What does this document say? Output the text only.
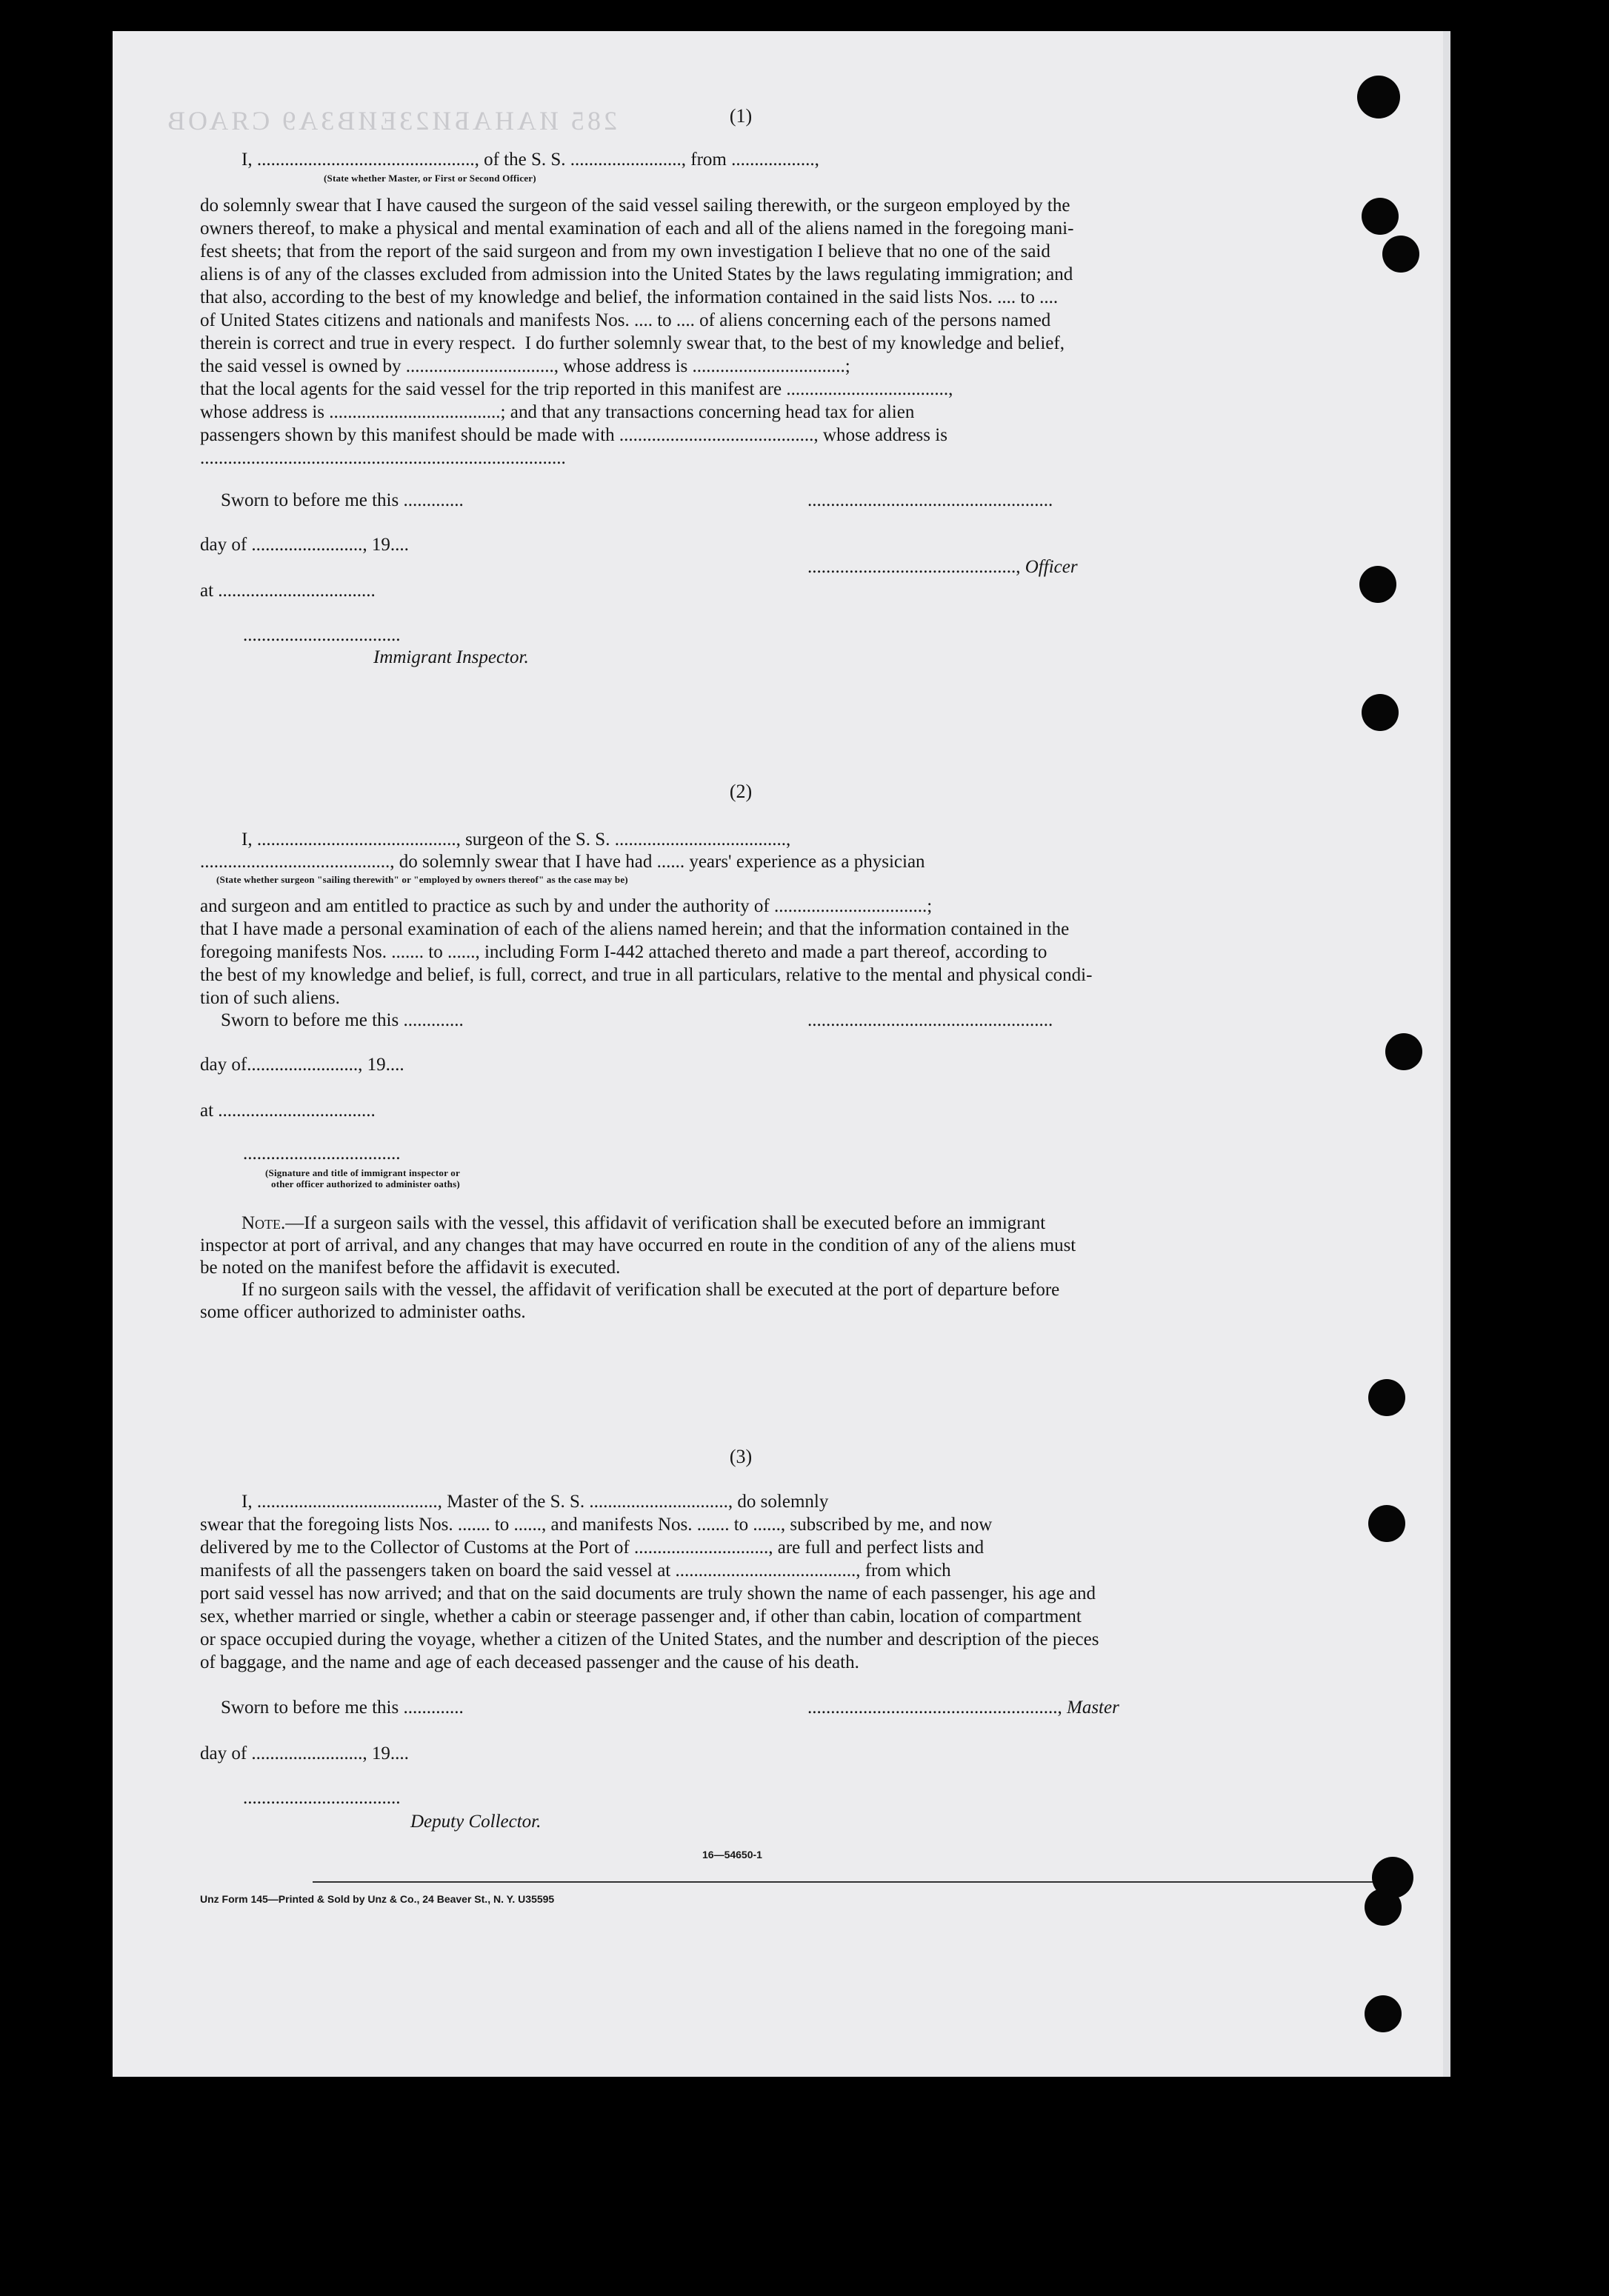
285 ИАНАБИ2ЗЕИВЗА9 СЯАОВ	(1)
I, ..............................................., of the S. S. ........................, from ..................,
(State whether Master, or First or Second Officer)
do solemnly swear that I have caused the surgeon of the said vessel sailing therewith, or the surgeon employed by the
owners thereof, to make a physical and mental examination of each and all of the aliens named in the foregoing mani-
fest sheets; that from the report of the said surgeon and from my own investigation I believe that no one of the said
aliens is of any of the classes excluded from admission into the United States by the laws regulating immigration; and
that also, according to the best of my knowledge and belief, the information contained in the said lists Nos. .... to ....
of United States citizens and nationals and manifests Nos. .... to .... of aliens concerning each of the persons named
therein is correct and true in every respect.  I do further solemnly swear that, to the best of my knowledge and belief,
the said vessel is owned by ................................, whose address is .................................;
that the local agents for the said vessel for the trip reported in this manifest are ...................................,
whose address is .....................................; and that any transactions concerning head tax for alien
passengers shown by this manifest should be made with .........................................., whose address is
...............................................................................
Sworn to before me this .............
day of ........................, 19....
at ..................................
..................................
Immigrant Inspector.
.....................................................
............................................., Officer
(2)
I, ..........................................., surgeon of the S. S. .....................................,
........................................., do solemnly swear that I have had ...... years' experience as a physician
(State whether surgeon "sailing therewith" or "employed by owners thereof" as the case may be)
and surgeon and am entitled to practice as such by and under the authority of .................................;
that I have made a personal examination of each of the aliens named herein; and that the information contained in the
foregoing manifests Nos. ....... to ......, including Form I-442 attached thereto and made a part thereof, according to
the best of my knowledge and belief, is full, correct, and true in all particulars, relative to the mental and physical condi-
tion of such aliens.
Sworn to before me this .............
day of........................, 19....
at ..................................
..................................
(Signature and title of immigrant inspector or
other officer authorized to administer oaths)
.....................................................
Note.—If a surgeon sails with the vessel, this affidavit of verification shall be executed before an immigrant
inspector at port of arrival, and any changes that may have occurred en route in the condition of any of the aliens must
be noted on the manifest before the affidavit is executed.
If no surgeon sails with the vessel, the affidavit of verification shall be executed at the port of departure before
some officer authorized to administer oaths.
(3)
I, ......................................., Master of the S. S. .............................., do solemnly
swear that the foregoing lists Nos. ....... to ......, and manifests Nos. ....... to ......, subscribed by me, and now
delivered by me to the Collector of Customs at the Port of ............................., are full and perfect lists and
manifests of all the passengers taken on board the said vessel at ......................................., from which
port said vessel has now arrived; and that on the said documents are truly shown the name of each passenger, his age and
sex, whether married or single, whether a cabin or steerage passenger and, if other than cabin, location of compartment
or space occupied during the voyage, whether a citizen of the United States, and the number and description of the pieces
of baggage, and the name and age of each deceased passenger and the cause of his death.
Sworn to before me this .............
day of ........................, 19....
..................................
Deputy Collector.
......................................................, Master
16—54650-1
Unz Form 145—Printed & Sold by Unz & Co., 24 Beaver St., N. Y. U35595
